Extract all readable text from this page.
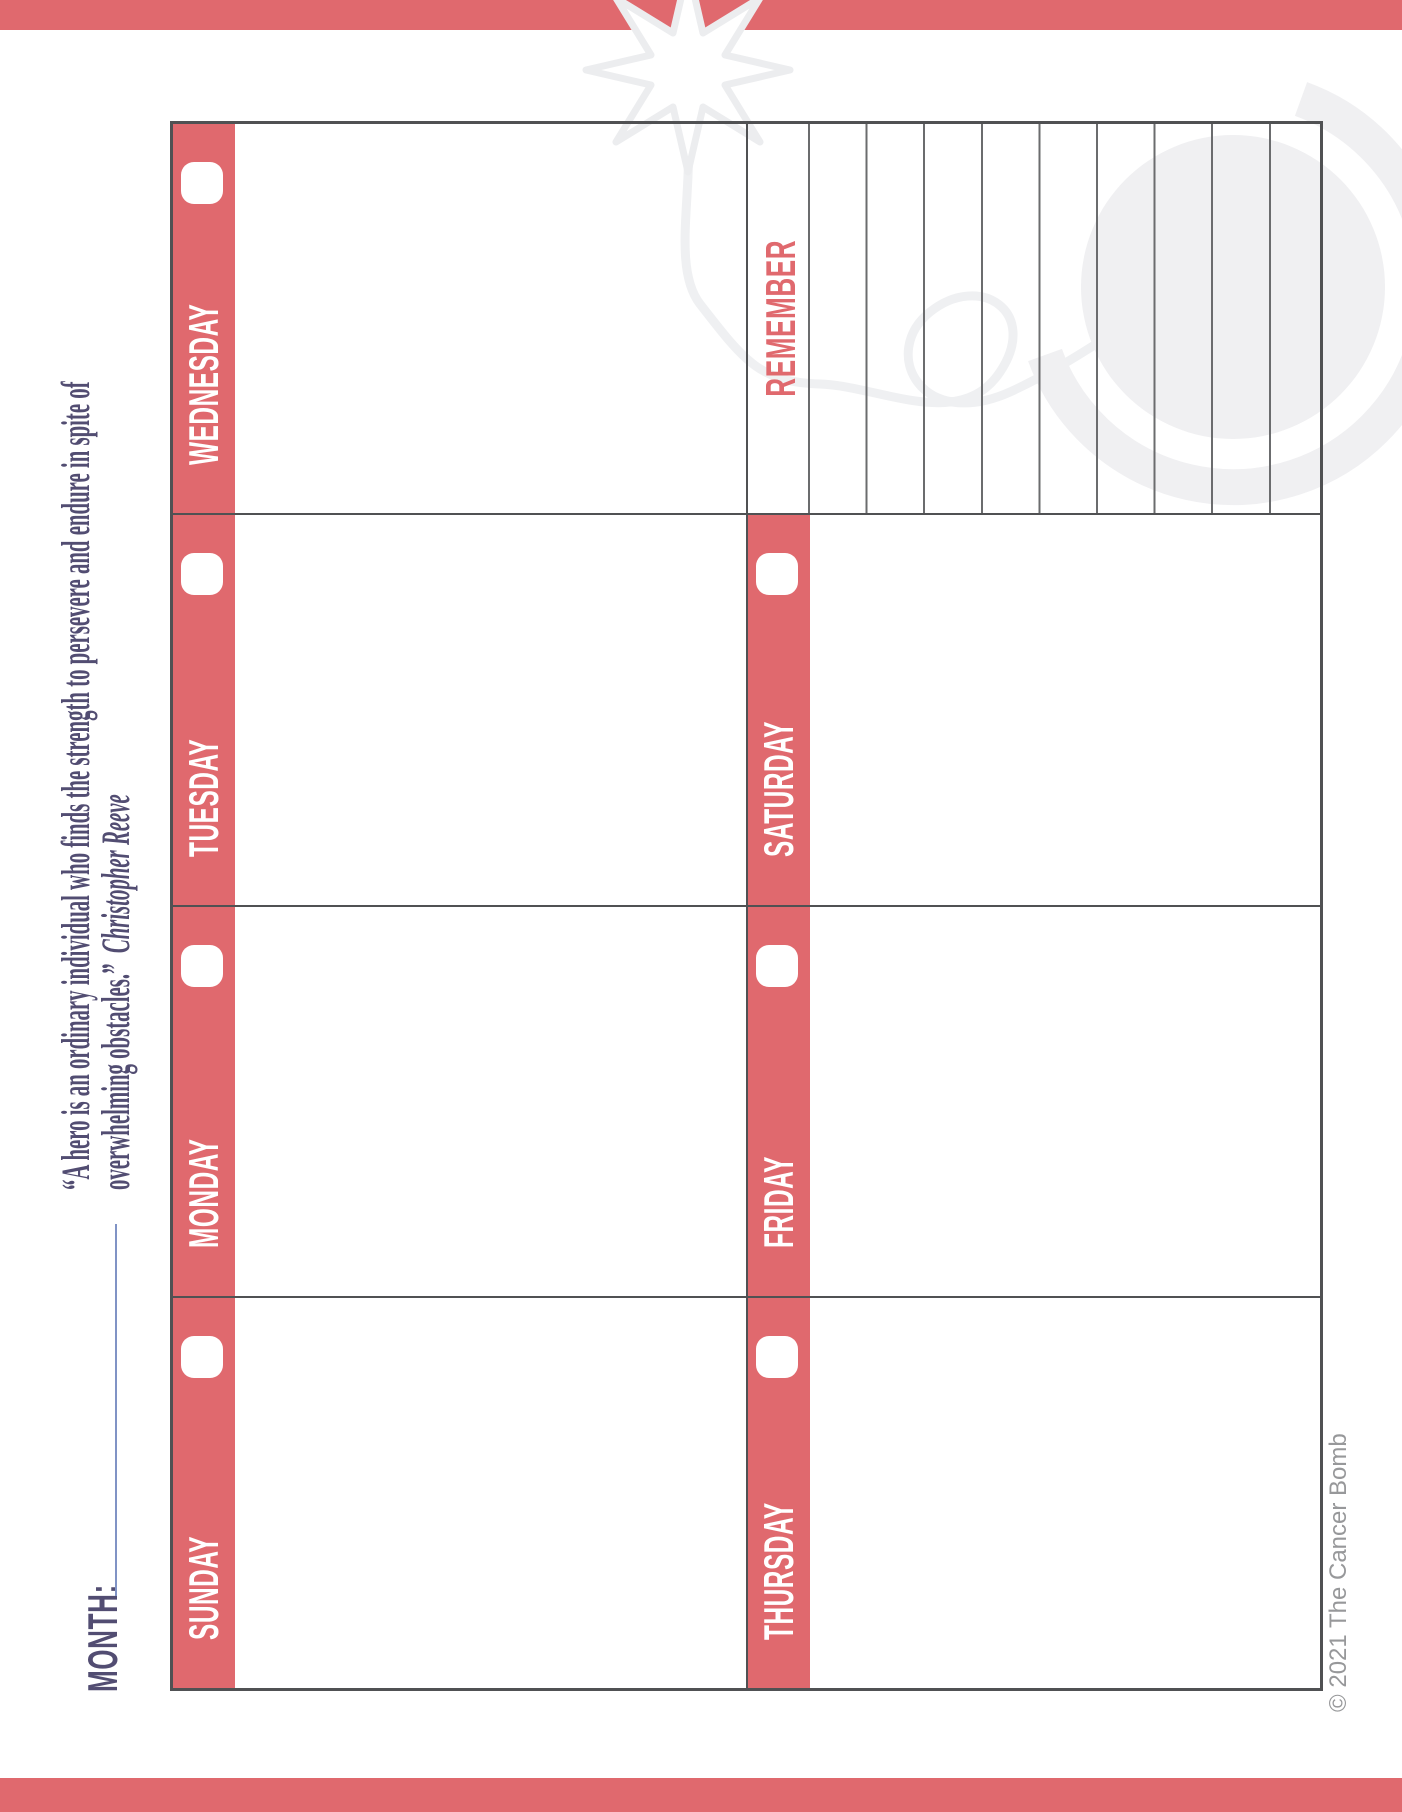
MONTH:
“A hero is an ordinary individual who finds the strength to persevere and endure in spite of
overwhelming obstacles.”  Christopher Reeve
SUNDAY
MONDAY
TUESDAY
WEDNESDAY
THURSDAY
FRIDAY
SATURDAY
REMEMBER
© 2021 The Cancer Bomb
